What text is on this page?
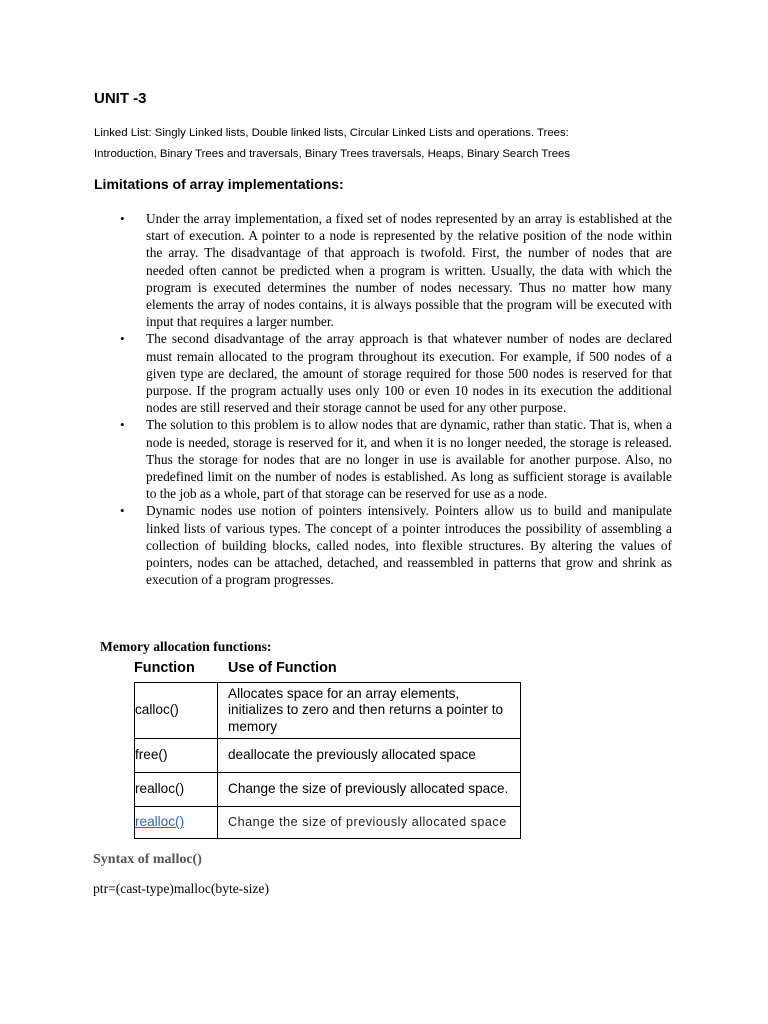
UNIT -3
Linked List: Singly Linked lists, Double linked lists, Circular Linked Lists and operations. Trees:
Introduction, Binary Trees and traversals, Binary Trees traversals, Heaps, Binary Search Trees
Limitations of array implementations:
•	Under the array implementation, a fixed set of nodes represented by an array is established at the start of execution. A pointer to a node is represented by the relative position of the node within the array. The disadvantage of that approach is twofold. First, the number of nodes that are needed often cannot be predicted when a program is written. Usually, the data with which the program is executed determines the number of nodes necessary. Thus no matter how many elements the array of nodes contains, it is always possible that the program will be executed with input that requires a larger number.
•	The second disadvantage of the array approach is that whatever number of nodes are declared must remain allocated to the program throughout its execution. For example, if 500 nodes of a given type are declared, the amount of storage required for those 500 nodes is reserved for that purpose. If the program actually uses only 100 or even 10 nodes in its execution the additional nodes are still reserved and their storage cannot be used for any other purpose.
•	The solution to this problem is to allow nodes that are dynamic, rather than static. That is, when a node is needed, storage is reserved for it, and when it is no longer needed, the storage is released. Thus the storage for nodes that are no longer in use is available for another purpose. Also, no predefined limit on the number of nodes is established. As long as sufficient storage is available to the job as a whole, part of that storage can be reserved for use as a node.
•	Dynamic nodes use notion of pointers intensively. Pointers allow us to build and manipulate linked lists of various types. The concept of a pointer introduces the possibility of assembling a collection of building blocks, called nodes, into flexible structures. By altering the values of pointers, nodes can be attached, detached, and reassembled in patterns that grow and shrink as execution of a program progresses.
Memory allocation functions:
Function Use of Function
calloc()	Allocates space for an array elements, initializes to zero and then returns a pointer to memory
free()	deallocate the previously allocated space
realloc()	Change the size of previously allocated space.
realloc()	Change the size of previously allocated space
Syntax of malloc()
ptr=(cast-type)malloc(byte-size)
